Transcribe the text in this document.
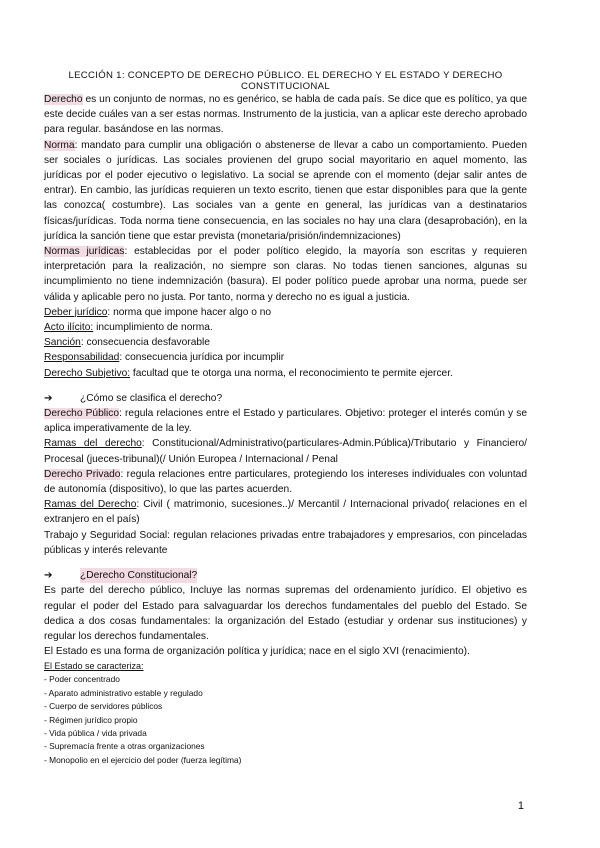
LECCIÓN 1: CONCEPTO DE DERECHO PÚBLICO. EL DERECHO Y EL ESTADO Y DERECHO CONSTITUCIONAL

Derecho es un conjunto de normas, no es genérico, se habla de cada país. Se dice que es político, ya que este decide cuáles van a ser estas normas. Instrumento de la justicia, van a aplicar este derecho aprobado para regular. basándose en las normas.

Norma: mandato para cumplir una obligación o abstenerse de llevar a cabo un comportamiento. Pueden ser sociales o jurídicas. Las sociales provienen del grupo social mayoritario en aquel momento, las jurídicas por el poder ejecutivo o legislativo. La social se aprende con el momento (dejar salir antes de entrar). En cambio, las jurídicas requieren un texto escrito, tienen que estar disponibles para que la gente las conozca( costumbre). Las sociales van a gente en general, las jurídicas van a destinatarios físicas/jurídicas. Toda norma tiene consecuencia, en las sociales no hay una clara (desaprobación), en la jurídica la sanción tiene que estar prevista (monetaria/prisión/indemnizaciones)

Normas jurídicas: establecidas por el poder político elegido, la mayoría son escritas y requieren interpretación para la realización, no siempre son claras. No todas tienen sanciones, algunas su incumplimiento no tiene indemnización (basura). El poder político puede aprobar una norma, puede ser válida y aplicable pero no justa. Por tanto, norma y derecho no es igual a justicia.

Deber jurídico: norma que impone hacer algo o no

Acto ilícito: incumplimiento de norma.

Sanción: consecuencia desfavorable

Responsabilidad: consecuencia jurídica por incumplir

Derecho Subjetivo: facultad que te otorga una norma, el reconocimiento te permite ejercer.

➔	¿Cómo se clasifica el derecho?

Derecho Público: regula relaciones entre el Estado y particulares. Objetivo: proteger el interés común y se aplica imperativamente de la ley.

Ramas del derecho: Constitucional/Administrativo(particulares-Admin.Pública)/Tributario y Financiero/ Procesal (jueces-tribunal)(/ Unión Europea / Internacional / Penal

Derecho Privado: regula relaciones entre particulares, protegiendo los intereses individuales con voluntad de autonomía (dispositivo), lo que las partes acuerden.

Ramas del Derecho: Civil ( matrimonio, sucesiones..)/ Mercantil / Internacional privado( relaciones en el extranjero en el país)

Trabajo y Seguridad Social: regulan relaciones privadas entre trabajadores y empresarios, con pinceladas públicas y interés relevante

➔	¿Derecho Constitucional?

Es parte del derecho público, Incluye las normas supremas del ordenamiento jurídico. El objetivo es regular el poder del Estado para salvaguardar los derechos fundamentales del pueblo del Estado. Se dedica a dos cosas fundamentales: la organización del Estado (estudiar y ordenar sus instituciones) y regular los derechos fundamentales.

El Estado es una forma de organización política y jurídica; nace en el siglo XVI (renacimiento).

El Estado se caracteriza:
- Poder concentrado
- Aparato administrativo estable y regulado
- Cuerpo de servidores públicos
- Régimen jurídico propio
- Vida pública / vida privada
- Supremacía frente a otras organizaciones
- Monopolio en el ejercicio del poder (fuerza legítima)
1
